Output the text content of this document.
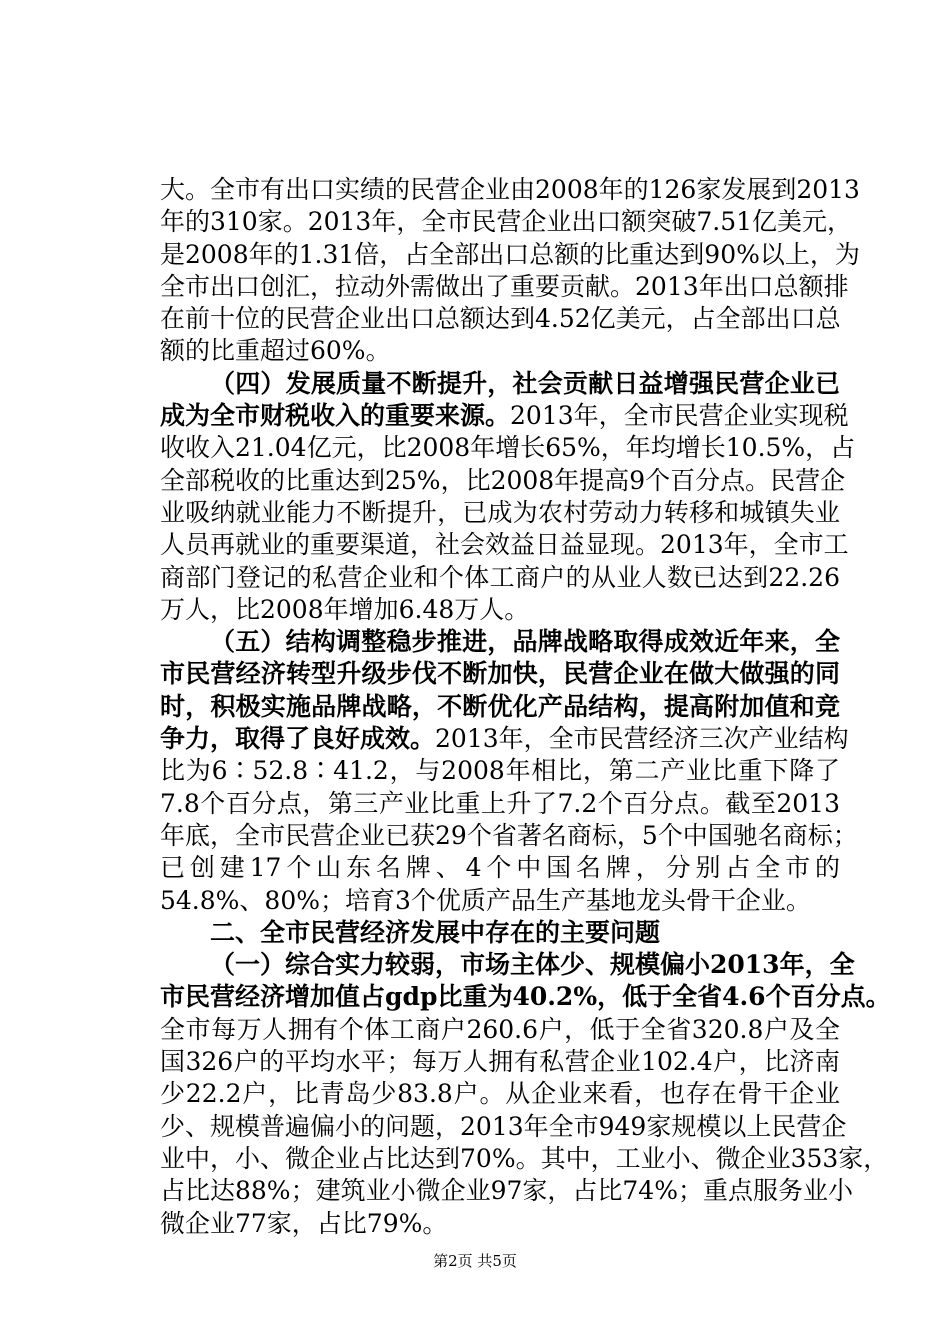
大。全市有出口实绩的民营企业由2008年的126家发展到2013
年的310家。2013年，全市民营企业出口额突破7.51亿美元，
是2008年的1.31倍，占全部出口总额的比重达到90%以上，为
全市出口创汇，拉动外需做出了重要贡献。2013年出口总额排
在前十位的民营企业出口总额达到4.52亿美元，占全部出口总
额的比重超过60%。
（四）发展质量不断提升，社会贡献日益增强民营企业已
成为全市财税收入的重要来源。2013年，全市民营企业实现税
收收入21.04亿元，比2008年增长65%，年均增长10.5%，占
全部税收的比重达到25%，比2008年提高9个百分点。民营企
业吸纳就业能力不断提升，已成为农村劳动力转移和城镇失业
人员再就业的重要渠道，社会效益日益显现。2013年，全市工
商部门登记的私营企业和个体工商户的从业人数已达到22.26
万人，比2008年增加6.48万人。
（五）结构调整稳步推进，品牌战略取得成效近年来，全
市民营经济转型升级步伐不断加快，民营企业在做大做强的同
时，积极实施品牌战略，不断优化产品结构，提高附加值和竞
争力，取得了良好成效。2013年，全市民营经济三次产业结构
比为6∶52.8∶41.2，与2008年相比，第二产业比重下降了
7.8个百分点，第三产业比重上升了7.2个百分点。截至2013
年底，全市民营企业已获29个省著名商标，5个中国驰名商标；
已创建17个山东名牌、4个中国名牌，分别占全市的
54.8%、80%；培育3个优质产品生产基地龙头骨干企业。
二、全市民营经济发展中存在的主要问题
（一）综合实力较弱，市场主体少、规模偏小2013年，全
市民营经济增加值占gdp比重为40.2%，低于全省4.6个百分点。
全市每万人拥有个体工商户260.6户，低于全省320.8户及全
国326户的平均水平；每万人拥有私营企业102.4户，比济南
少22.2户，比青岛少83.8户。从企业来看，也存在骨干企业
少、规模普遍偏小的问题，2013年全市949家规模以上民营企
业中，小、微企业占比达到70%。其中，工业小、微企业353家，
占比达88%；建筑业小微企业97家，占比74%；重点服务业小
微企业77家，占比79%。
第2页 共5页
